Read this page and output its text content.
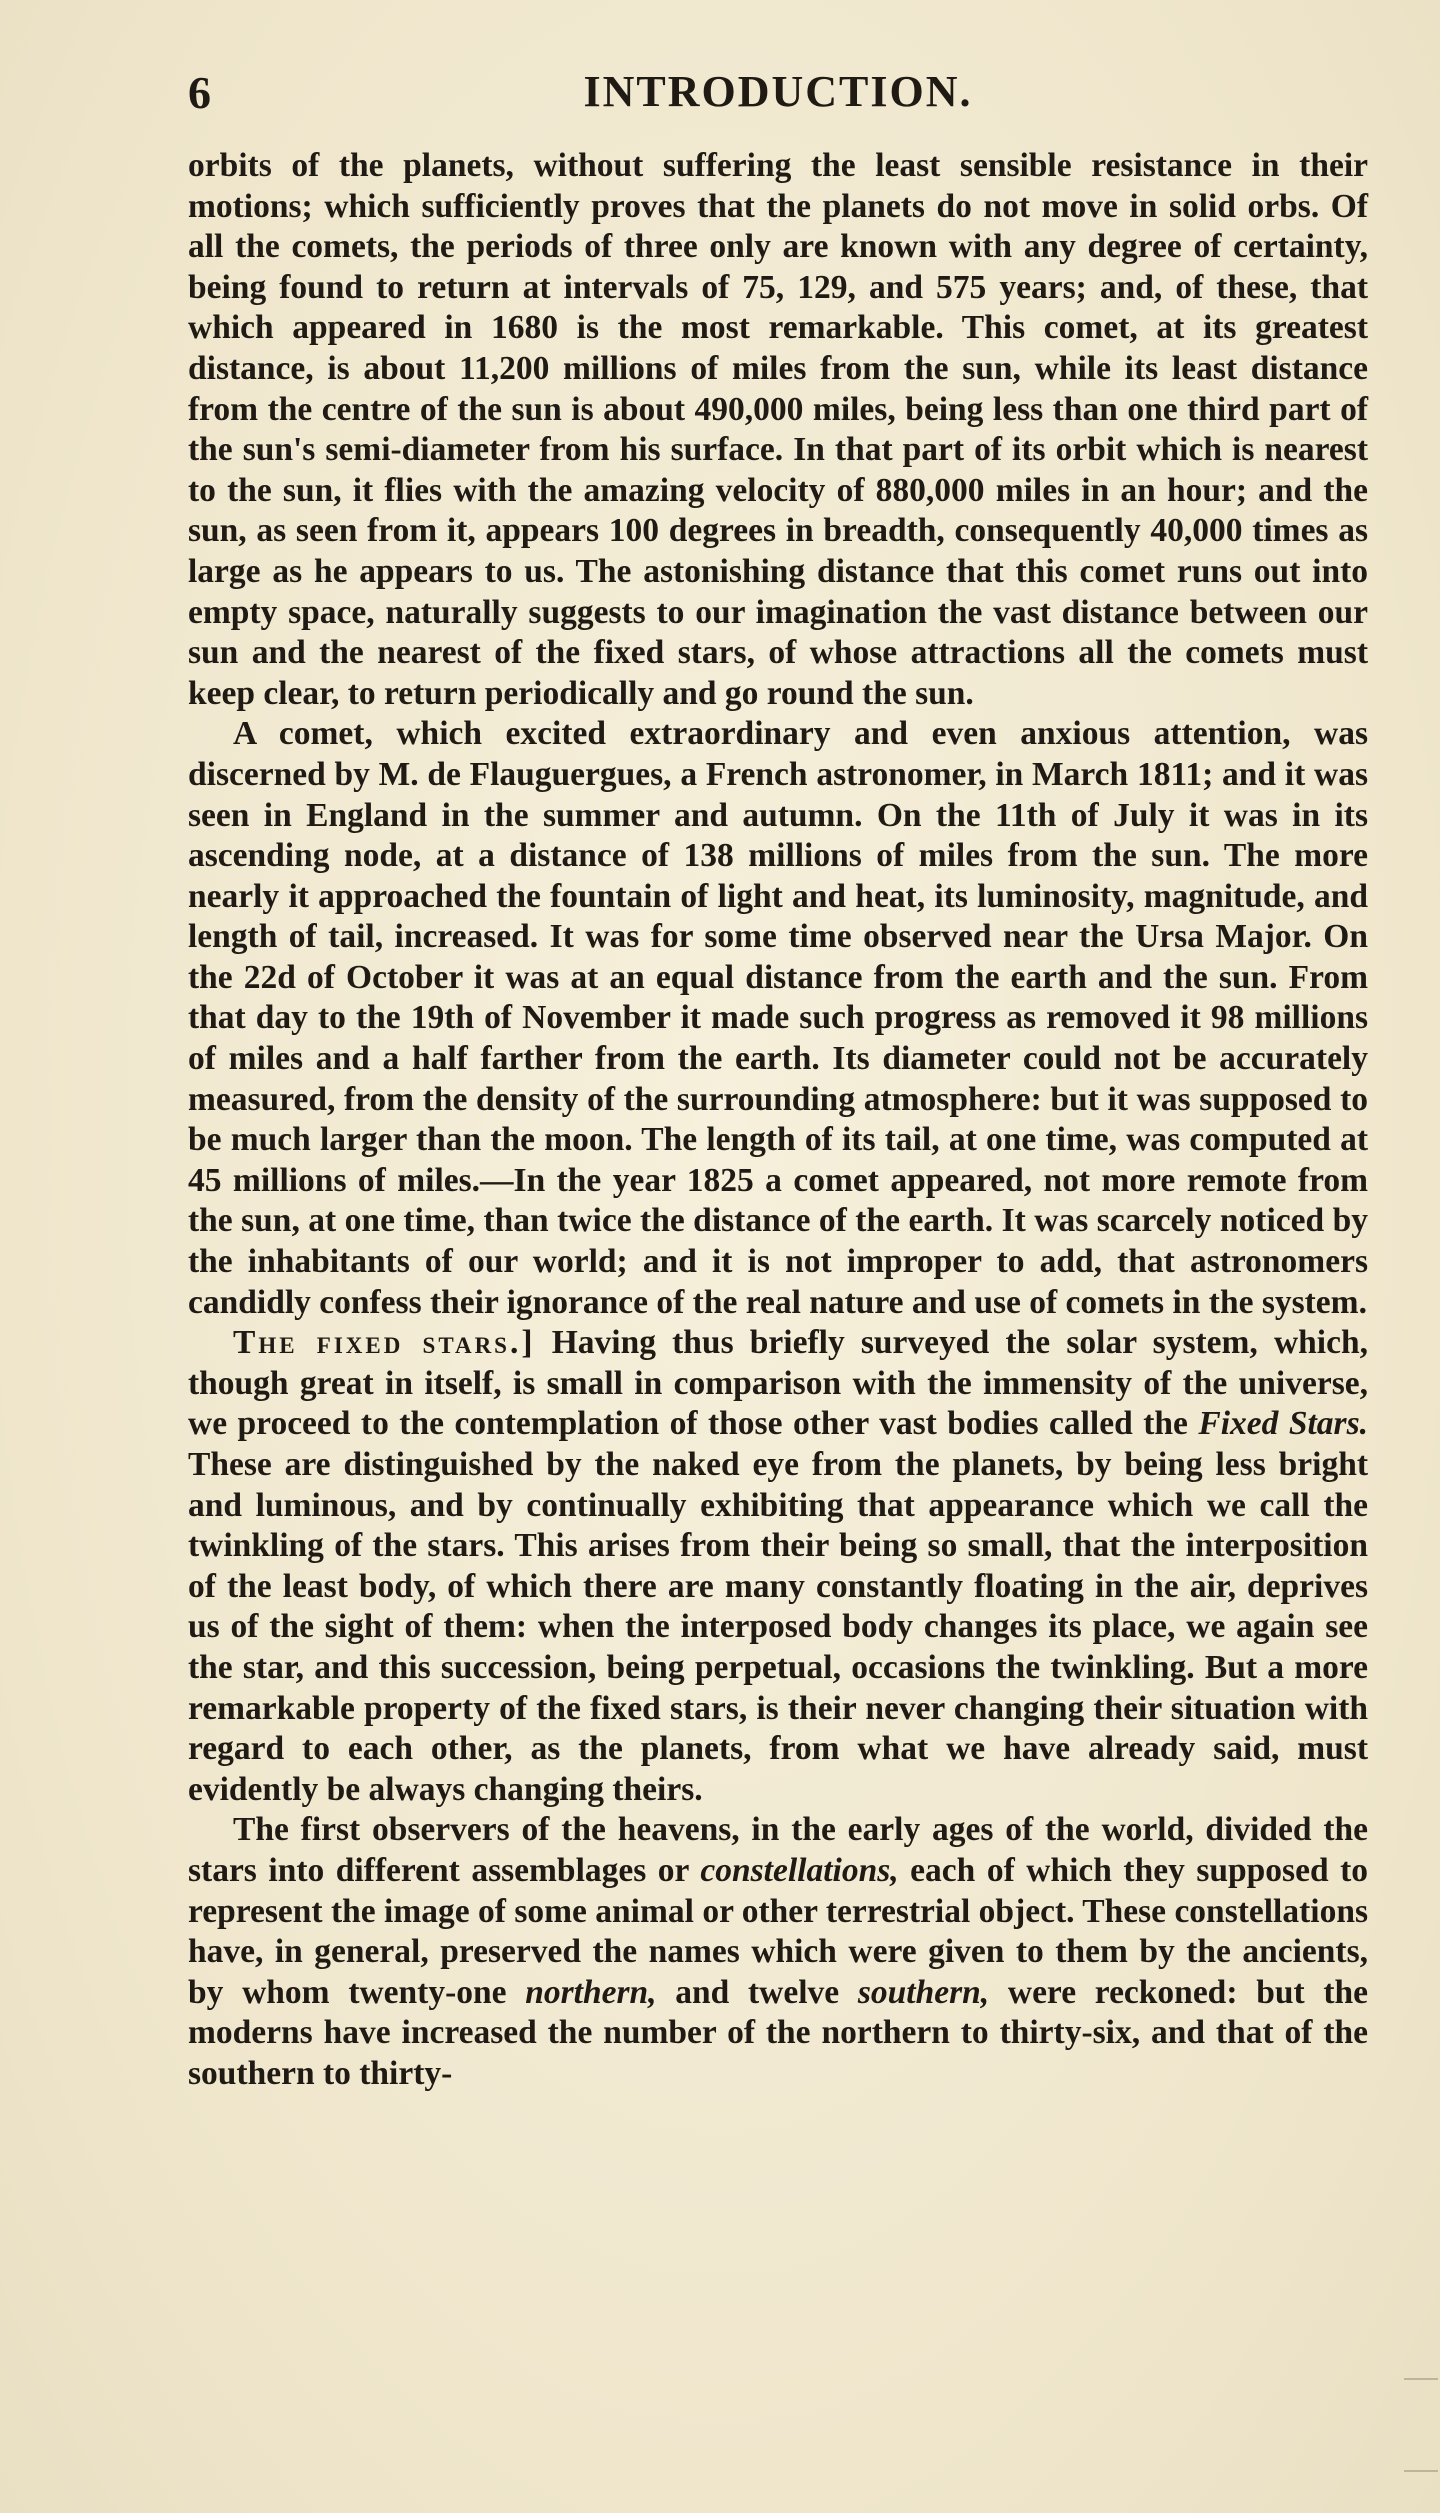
6	INTRODUCTION.

orbits of the planets, without suffering the least sensible resistance in their motions; which sufficiently proves that the planets do not move in solid orbs. Of all the comets, the periods of three only are known with any degree of certainty, being found to return at intervals of 75, 129, and 575 years; and, of these, that which appeared in 1680 is the most remarkable. This comet, at its greatest distance, is about 11,200 millions of miles from the sun, while its least distance from the centre of the sun is about 490,000 miles, being less than one third part of the sun's semi-diameter from his surface. In that part of its orbit which is nearest to the sun, it flies with the amazing velocity of 880,000 miles in an hour; and the sun, as seen from it, appears 100 degrees in breadth, consequently 40,000 times as large as he appears to us. The astonishing distance that this comet runs out into empty space, naturally suggests to our imagination the vast distance between our sun and the nearest of the fixed stars, of whose attractions all the comets must keep clear, to return periodically and go round the sun.

A comet, which excited extraordinary and even anxious attention, was discerned by M. de Flauguergues, a French astronomer, in March 1811; and it was seen in England in the summer and autumn. On the 11th of July it was in its ascending node, at a distance of 138 millions of miles from the sun. The more nearly it approached the fountain of light and heat, its luminosity, magnitude, and length of tail, increased. It was for some time observed near the Ursa Major. On the 22d of October it was at an equal distance from the earth and the sun. From that day to the 19th of November it made such progress as removed it 98 millions of miles and a half farther from the earth. Its diameter could not be accurately measured, from the density of the surrounding atmosphere: but it was supposed to be much larger than the moon. The length of its tail, at one time, was computed at 45 millions of miles.—In the year 1825 a comet appeared, not more remote from the sun, at one time, than twice the distance of the earth. It was scarcely noticed by the inhabitants of our world; and it is not improper to add, that astronomers candidly confess their ignorance of the real nature and use of comets in the system.

The fixed stars.] Having thus briefly surveyed the solar system, which, though great in itself, is small in comparison with the immensity of the universe, we proceed to the contemplation of those other vast bodies called the Fixed Stars. These are distinguished by the naked eye from the planets, by being less bright and luminous, and by continually exhibiting that appearance which we call the twinkling of the stars. This arises from their being so small, that the interposition of the least body, of which there are many constantly floating in the air, deprives us of the sight of them: when the interposed body changes its place, we again see the star, and this succession, being perpetual, occasions the twinkling. But a more remarkable property of the fixed stars, is their never changing their situation with regard to each other, as the planets, from what we have already said, must evidently be always changing theirs.

The first observers of the heavens, in the early ages of the world, divided the stars into different assemblages or constellations, each of which they supposed to represent the image of some animal or other terrestrial object. These constellations have, in general, preserved the names which were given to them by the ancients, by whom twenty-one northern, and twelve southern, were reckoned: but the moderns have increased the number of the northern to thirty-six, and that of the southern to thirty-
